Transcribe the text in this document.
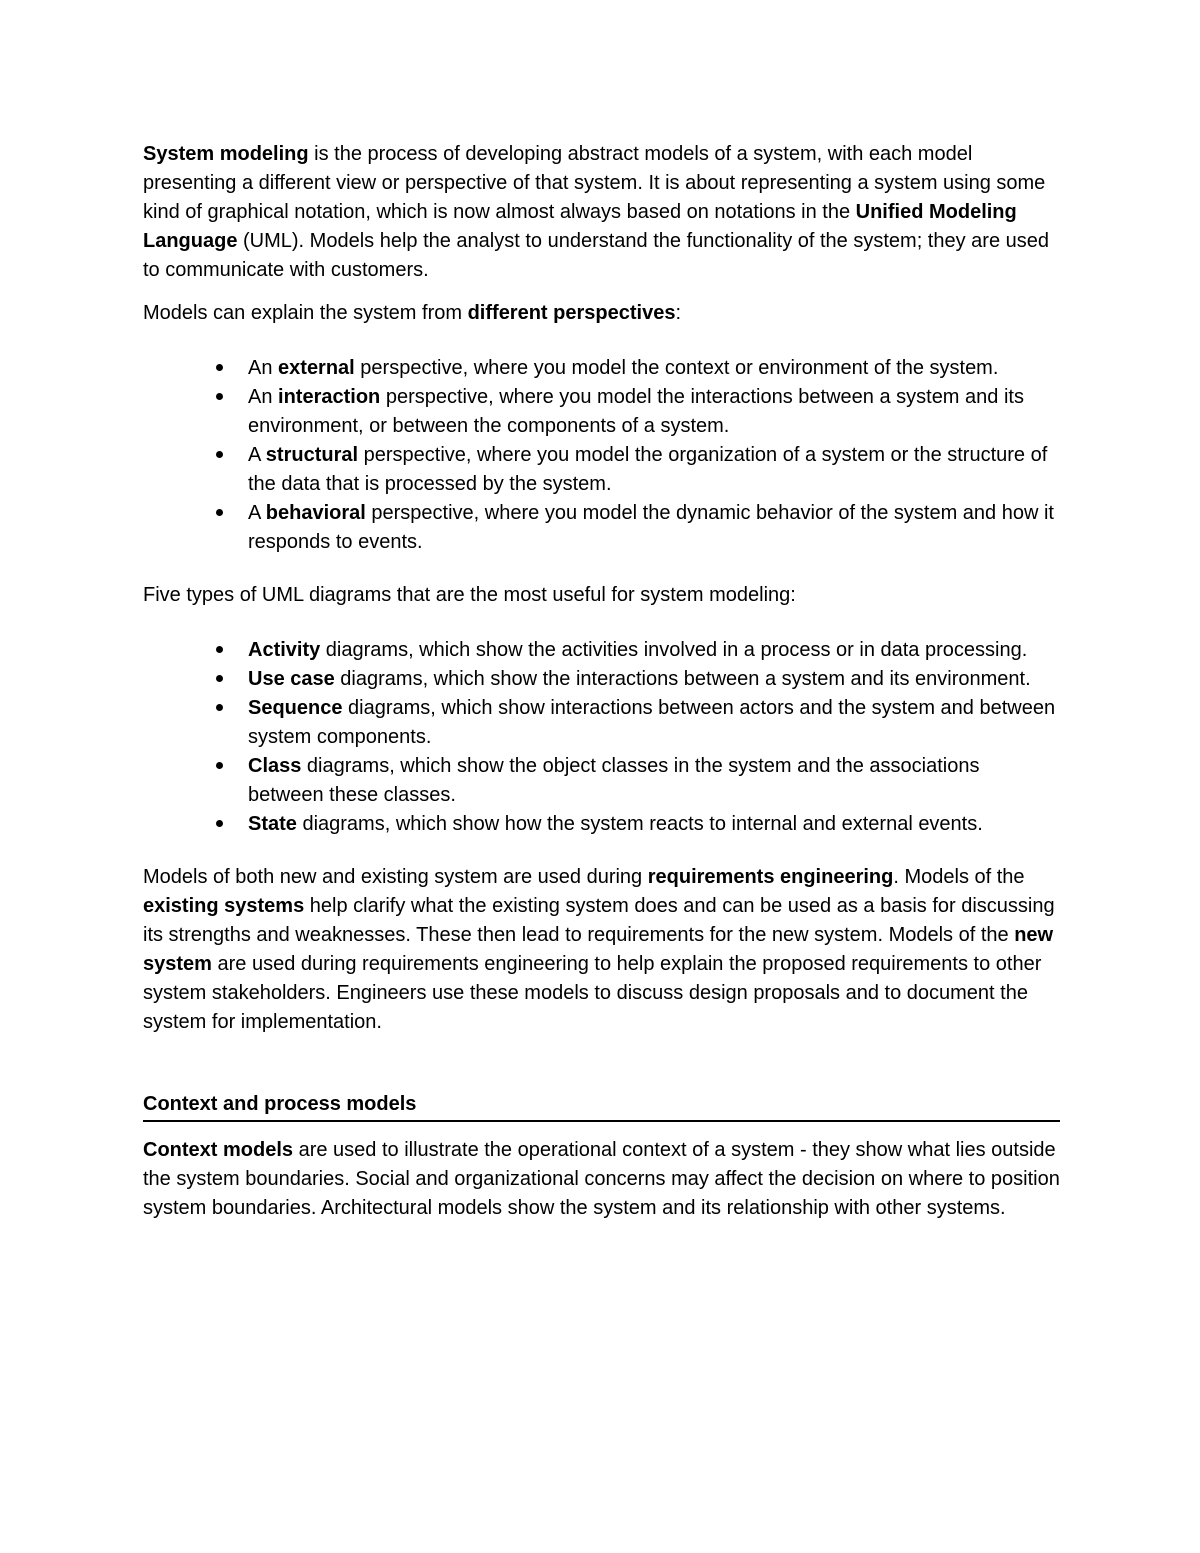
System modeling is the process of developing abstract models of a system, with each model presenting a different view or perspective of that system. It is about representing a system using some kind of graphical notation, which is now almost always based on notations in the Unified Modeling Language (UML). Models help the analyst to understand the functionality of the system; they are used to communicate with customers.

Models can explain the system from different perspectives:

An external perspective, where you model the context or environment of the system.
An interaction perspective, where you model the interactions between a system and its environment, or between the components of a system.
A structural perspective, where you model the organization of a system or the structure of the data that is processed by the system.
A behavioral perspective, where you model the dynamic behavior of the system and how it responds to events.

Five types of UML diagrams that are the most useful for system modeling:

Activity diagrams, which show the activities involved in a process or in data processing.
Use case diagrams, which show the interactions between a system and its environment.
Sequence diagrams, which show interactions between actors and the system and between system components.
Class diagrams, which show the object classes in the system and the associations between these classes.
State diagrams, which show how the system reacts to internal and external events.

Models of both new and existing system are used during requirements engineering. Models of the existing systems help clarify what the existing system does and can be used as a basis for discussing its strengths and weaknesses. These then lead to requirements for the new system. Models of the new system are used during requirements engineering to help explain the proposed requirements to other system stakeholders. Engineers use these models to discuss design proposals and to document the system for implementation.

Context and process models

Context models are used to illustrate the operational context of a system - they show what lies outside the system boundaries. Social and organizational concerns may affect the decision on where to position system boundaries. Architectural models show the system and its relationship with other systems.
